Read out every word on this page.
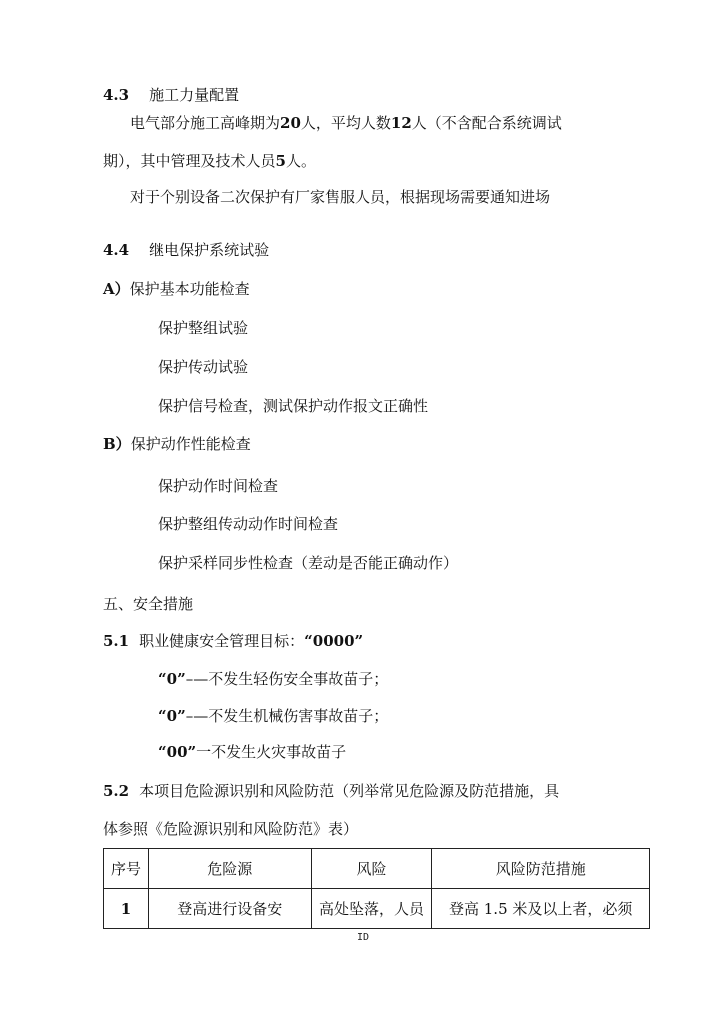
4.3 施工力量配置
电气部分施工高峰期为20人，平均人数12人（不含配合系统调试
期），其中管理及技术人员5人。
对于个别设备二次保护有厂家售服人员，根据现场需要通知进场
4.4 继电保护系统试验
A）保护基本功能检查
保护整组试验
保护传动试验
保护信号检查，测试保护动作报文正确性
B）保护动作性能检查
保护动作时间检查
保护整组传动动作时间检查
保护采样同步性检查（差动是否能正确动作）
五、安全措施
5.1 职业健康安全管理目标：“0000”
“0”–—不发生轻伤安全事故苗子；
“0”–—不发生机械伤害事故苗子；
“00”一不发生火灾事故苗子
5.2 本项目危险源识别和风险防范（列举常见危险源及防范措施，具
体参照《危险源识别和风险防范》表）
序号	危险源	风险	风险防范措施
1	登高进行设备安	高处坠落，人员	登高 1.5 米及以上者，必须
ID
